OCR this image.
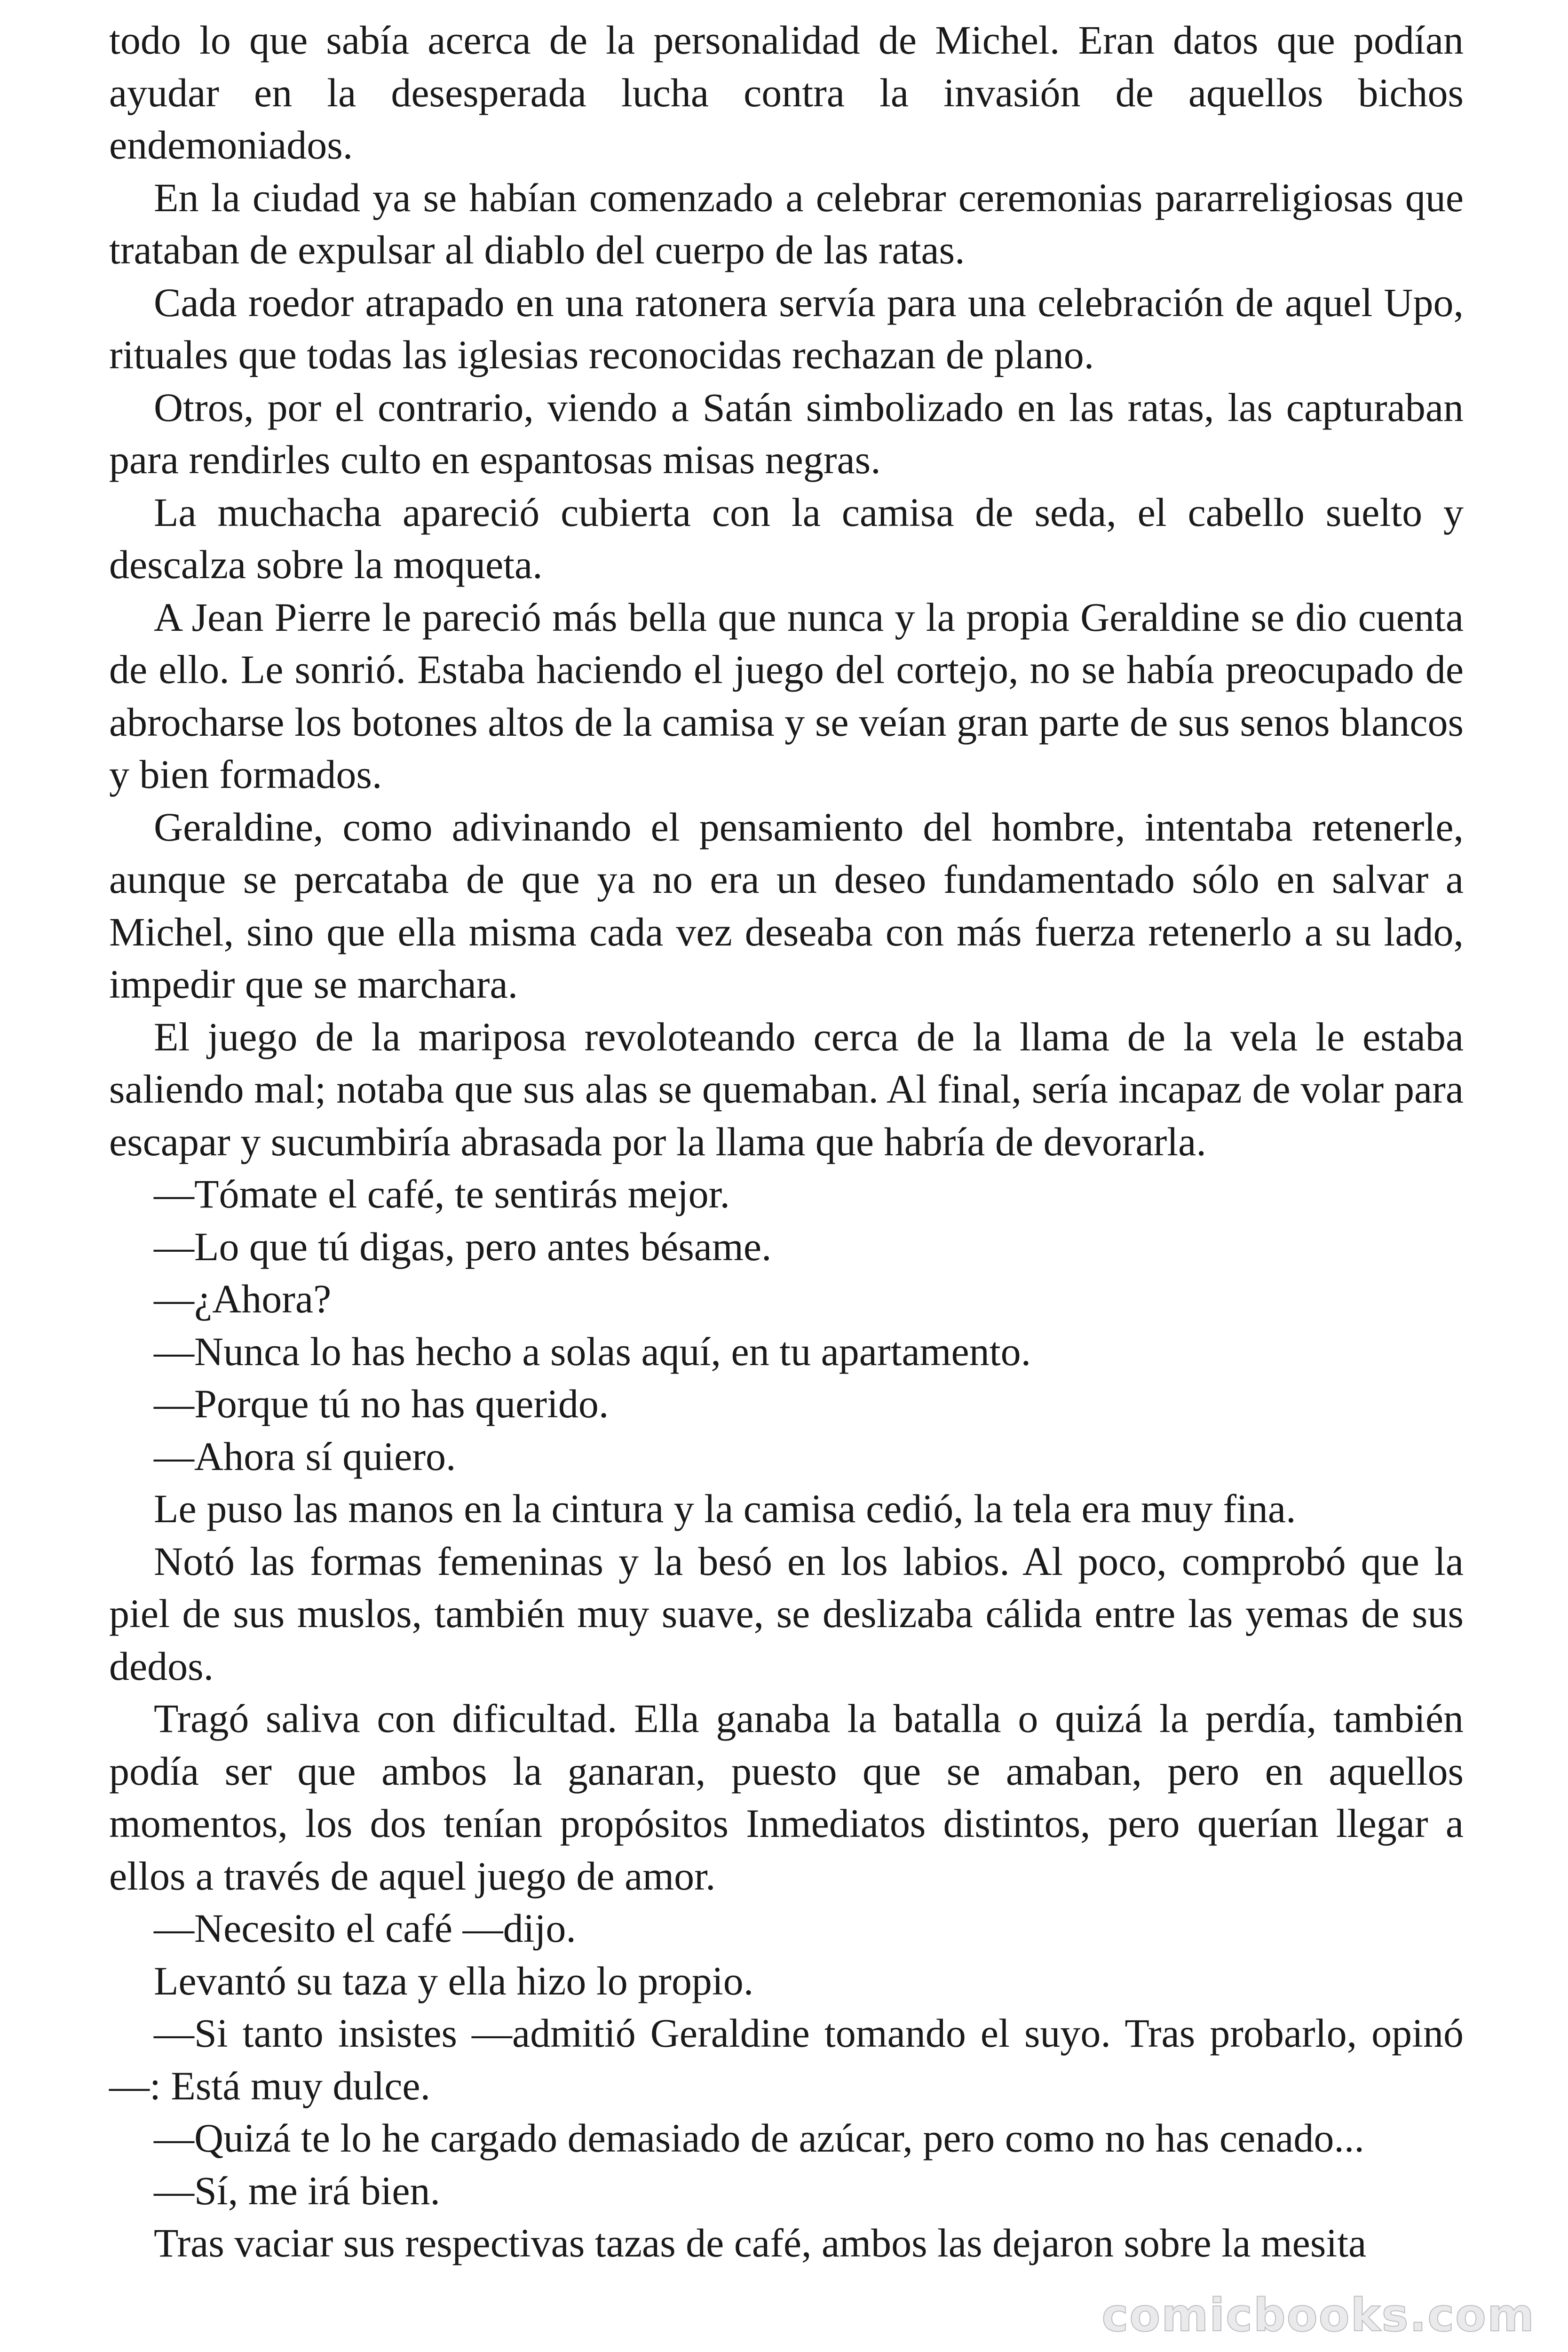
todo lo que sabía acerca de la personalidad de Michel. Eran datos que podían ayudar en la desesperada lucha contra la invasión de aquellos bichos endemoniados.

En la ciudad ya se habían comenzado a celebrar ceremonias pararreligiosas que trataban de expulsar al diablo del cuerpo de las ratas.

Cada roedor atrapado en una ratonera servía para una celebración de aquel Upo, rituales que todas las iglesias reconocidas rechazan de plano.

Otros, por el contrario, viendo a Satán simbolizado en las ratas, las capturaban para rendirles culto en espantosas misas negras.

La muchacha apareció cubierta con la camisa de seda, el cabello suelto y descalza sobre la moqueta.

A Jean Pierre le pareció más bella que nunca y la propia Geraldine se dio cuenta de ello. Le sonrió. Estaba haciendo el juego del cortejo, no se había preocupado de abrocharse los botones altos de la camisa y se veían gran parte de sus senos blancos y bien formados.

Geraldine, como adivinando el pensamiento del hombre, intentaba retenerle, aunque se percataba de que ya no era un deseo fundamentado sólo en salvar a Michel, sino que ella misma cada vez deseaba con más fuerza retenerlo a su lado, impedir que se marchara.

El juego de la mariposa revoloteando cerca de la llama de la vela le estaba saliendo mal; notaba que sus alas se quemaban. Al final, sería incapaz de volar para escapar y sucumbiría abrasada por la llama que habría de devorarla.

—Tómate el café, te sentirás mejor.

—Lo que tú digas, pero antes bésame.

—¿Ahora?

—Nunca lo has hecho a solas aquí, en tu apartamento.

—Porque tú no has querido.

—Ahora sí quiero.

Le puso las manos en la cintura y la camisa cedió, la tela era muy fina.

Notó las formas femeninas y la besó en los labios. Al poco, comprobó que la piel de sus muslos, también muy suave, se deslizaba cálida entre las yemas de sus dedos.

Tragó saliva con dificultad. Ella ganaba la batalla o quizá la perdía, también podía ser que ambos la ganaran, puesto que se amaban, pero en aquellos momentos, los dos tenían propósitos Inmediatos distintos, pero querían llegar a ellos a través de aquel juego de amor.

—Necesito el café —dijo.

Levantó su taza y ella hizo lo propio.

—Si tanto insistes —admitió Geraldine tomando el suyo. Tras probarlo, opinó—: Está muy dulce.

—Quizá te lo he cargado demasiado de azúcar, pero como no has cenado...

—Sí, me irá bien.

Tras vaciar sus respectivas tazas de café, ambos las dejaron sobre la mesita

comicbooks.com
